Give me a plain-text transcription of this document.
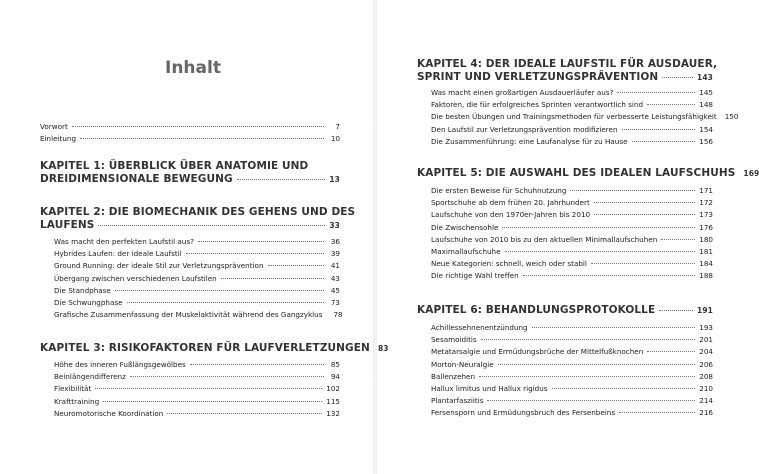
Inhalt
Vorwort	7
Einleitung	10
KAPITEL 1: ÜBERBLICK ÜBER ANATOMIE UND
DREIDIMENSIONALE BEWEGUNG	13
KAPITEL 2: DIE BIOMECHANIK DES GEHENS UND DES
LAUFENS	33
Was macht den perfekten Laufstil aus?	36
Hybrides Laufen: der ideale Laufstil	39
Ground Running: der ideale Stil zur Verletzungsprävention	41
Übergang zwischen verschiedenen Laufstilen	43
Die Standphase	45
Die Schwungphase	73
Grafische Zusammenfassung der Muskelaktivität während des Gangzyklus	78
KAPITEL 3: RISIKOFAKTOREN FÜR LAUFVERLETZUNGEN 83
Höhe des inneren Fußlängsgewölbes	85
Beinlängendifferenz	94
Flexibilität	102
Krafttraining	115
Neuromotorische Koordination	132
KAPITEL 4: DER IDEALE LAUFSTIL FÜR AUSDAUER,
SPRINT UND VERLETZUNGSPRÄVENTION	143
Was macht einen großartigen Ausdauerläufer aus?	145
Faktoren, die für erfolgreiches Sprinten verantwortlich sind	148
Die besten Übungen und Trainingsmethoden für verbesserte Leistungsfähigkeit 150
Den Laufstil zur Verletzungsprävention modifizieren	154
Die Zusammenführung: eine Laufanalyse für zu Hause	156
KAPITEL 5: DIE AUSWAHL DES IDEALEN LAUFSCHUHS 169
Die ersten Beweise für Schuhnutzung	171
Sportschuhe ab dem frühen 20. Jahrhundert	172
Laufschuhe von den 1970er-Jahren bis 2010	173
Die Zwischensohle	176
Laufschuhe von 2010 bis zu den aktuellen Minimallaufschuhen	180
Maximallaufschuhe	181
Neue Kategorien: schnell, weich oder stabil	184
Die richtige Wahl treffen	188
KAPITEL 6: BEHANDLUNGSPROTOKOLLE	191
Achillessehnenentzündung	193
Sesamoiditis	201
Metatarsalgie und Ermüdungsbrüche der Mittelfußknochen	204
Morton-Neuralgie	206
Ballenzehen	208
Hallux limitus und Hallux rigidus	210
Plantarfasziitis	214
Fersensporn und Ermüdungsbruch des Fersenbeins	216
